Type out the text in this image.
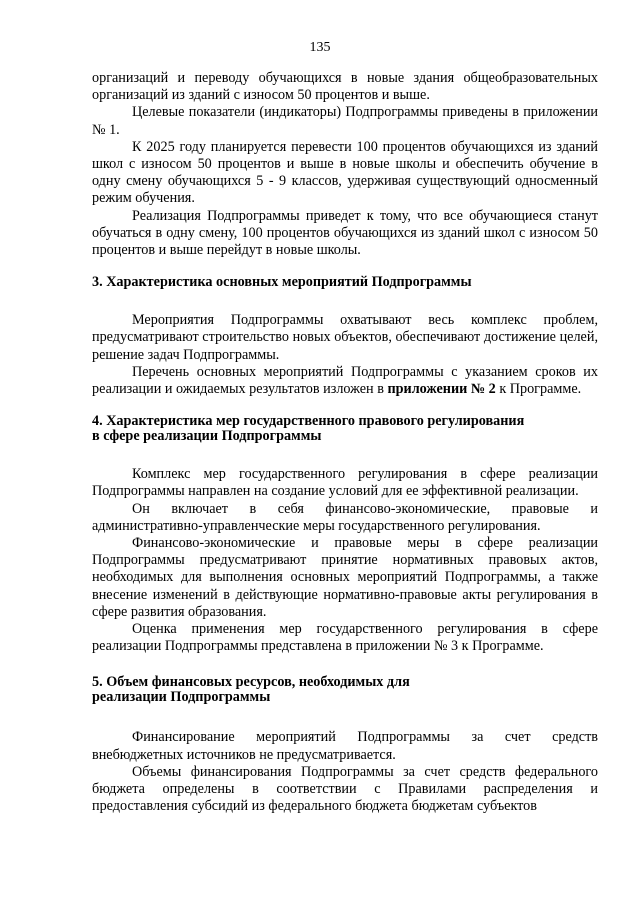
135

организаций и переводу обучающихся в новые здания общеобразовательных организаций из зданий с износом 50 процентов и выше.

Целевые показатели (индикаторы) Подпрограммы приведены в приложении № 1.

К 2025 году планируется перевести 100 процентов обучающихся из зданий школ с износом 50 процентов и выше в новые школы и обеспечить обучение в одну смену обучающихся 5 - 9 классов, удерживая существующий односменный режим обучения.

Реализация Подпрограммы приведет к тому, что все обучающиеся станут обучаться в одну смену, 100 процентов обучающихся из зданий школ с износом 50 процентов и выше перейдут в новые школы.

3. Характеристика основных мероприятий Подпрограммы

Мероприятия Подпрограммы охватывают весь комплекс проблем, предусматривают строительство новых объектов, обеспечивают достижение целей, решение задач Подпрограммы.

Перечень основных мероприятий Подпрограммы с указанием сроков их реализации и ожидаемых результатов изложен в приложении № 2 к Программе.

4. Характеристика мер государственного правового регулирования

в сфере реализации Подпрограммы

Комплекс мер государственного регулирования в сфере реализации Подпрограммы направлен на создание условий для ее эффективной реализации.

Он включает в себя финансово-экономические, правовые и административно-управленческие меры государственного регулирования.

Финансово-экономические и правовые меры в сфере реализации Подпрограммы предусматривают принятие нормативных правовых актов, необходимых для выполнения основных мероприятий Подпрограммы, а также внесение изменений в действующие нормативно-правовые акты регулирования в сфере развития образования.

Оценка применения мер государственного регулирования в сфере реализации Подпрограммы представлена в приложении № 3 к Программе.

5. Объем финансовых ресурсов, необходимых для

реализации Подпрограммы

Финансирование мероприятий Подпрограммы за счет средств внебюджетных источников не предусматривается.

Объемы финансирования Подпрограммы за счет средств федерального бюджета определены в соответствии с Правилами распределения и предоставления субсидий из федерального бюджета бюджетам субъектов
